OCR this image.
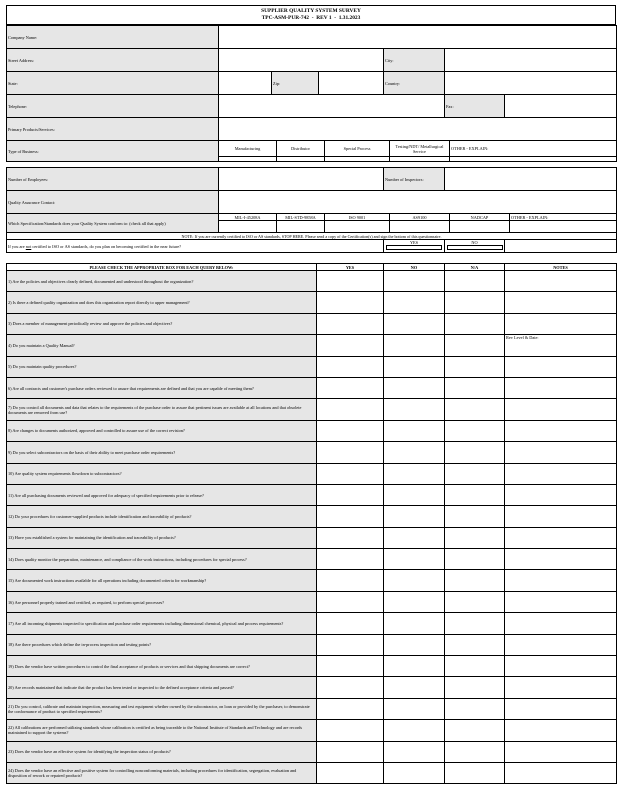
SUPPLIER QUALITY SYSTEM SURVEY
TPC-ASM-PUR-742 - REV 1 - 1.31.2023
Company Name:						
Street Address:				City:		
State:		Zip:		Country:		
Telephone:					Fax:	
Primary Products/Services:						
Type of Business:	Manufacturing	Distributor	Special Process	Testing/NDT/ Metallurgical Service	OTHER - EXPLAIN:

Number of Employees:		Number of Inspectors:	
Quality Assurance Contact:			
Which Specification/Standards does your Quality System conform to: (check all that apply)	MIL-I-45208A	MIL-STD-9858A	ISO 9001	AS9100	NADCAP	OTHER - EXPLAIN:

NOTE: If you are currently certified to ISO or AS standards, STOP HERE. Please send a copy of the Certification(s) and sign the bottom of this questionnaire.
If you are not certified to ISO or AS standards, do you plan on becoming certified in the near future?	
YES	NO

PLEASE CHECK THE APPROPRIATE BOX FOR EACH QUERY BELOW:	YES	NO	N/A	NOTES
1) Are the policies and objectives clearly defined, documented and understood throughout the organization?				
2) Is there a defined quality organization and does this organization report directly to upper management?				
3) Does a member of management periodically review and approve the policies and objectives?				
4) Do you maintain a Quality Manual?				Rev Level & Date:
5) Do you maintain quality procedures?				
6) Are all contracts and customer's purchase orders reviewed to assure that requirements are defined and that you are capable of meeting them?				
7) Do you control all documents and data that relates to the requirements of the purchase order to assure that pertinent issues are available at all locations and that obsolete documents are removed from use?				
8) Are changes to documents authorized, approved and controlled to assure use of the correct revision?				
9) Do you select subcontractors on the basis of their ability to meet purchase order requirements?				
10) Are quality system requirements flowdown to subcontractors?				
11) Are all purchasing documents reviewed and approved for adequacy of specified requirements prior to release?				
12) Do your procedures for customer-supplied products include identification and traceability of products?				
13) Have you established a system for maintaining the identification and traceability of products?				
14) Does quality monitor the preparation, maintenance, and compliance of the work instructions, including procedures for special process?				
15) Are documented work instructions available for all operations including documented criteria for workmanship?				
16) Are personnel properly trained and certified, as required, to perform special processes?				
17) Are all incoming shipments inspected to specification and purchase order requirements including dimensional chemical, physical and process requirements?				
18) Are there procedures which define the in-process inspection and testing points?				
19) Does the vendor have written procedures to control the final acceptance of products or services and that shipping documents are correct?				
20) Are records maintained that indicate that the product has been tested or inspected to the defined acceptance criteria and passed?				
21) Do you control, calibrate and maintain inspection, measuring and test equipment whether owned by the subcontractor, on loan or provided by the purchaser, to demonstrate the conformance of product to specified requirements?				
22) All calibrations are performed utilizing standards whose calibration is certified as being traceable to the National Institute of Standards and Technology and are records maintained to support the systems?				
23) Does the vendor have an effective system for identifying the inspection status of products?				
24) Does the vendor have an effective and positive system for controlling nonconforming materials, including procedures for identification, segregation, evaluation and disposition of rework or repaired products?				
